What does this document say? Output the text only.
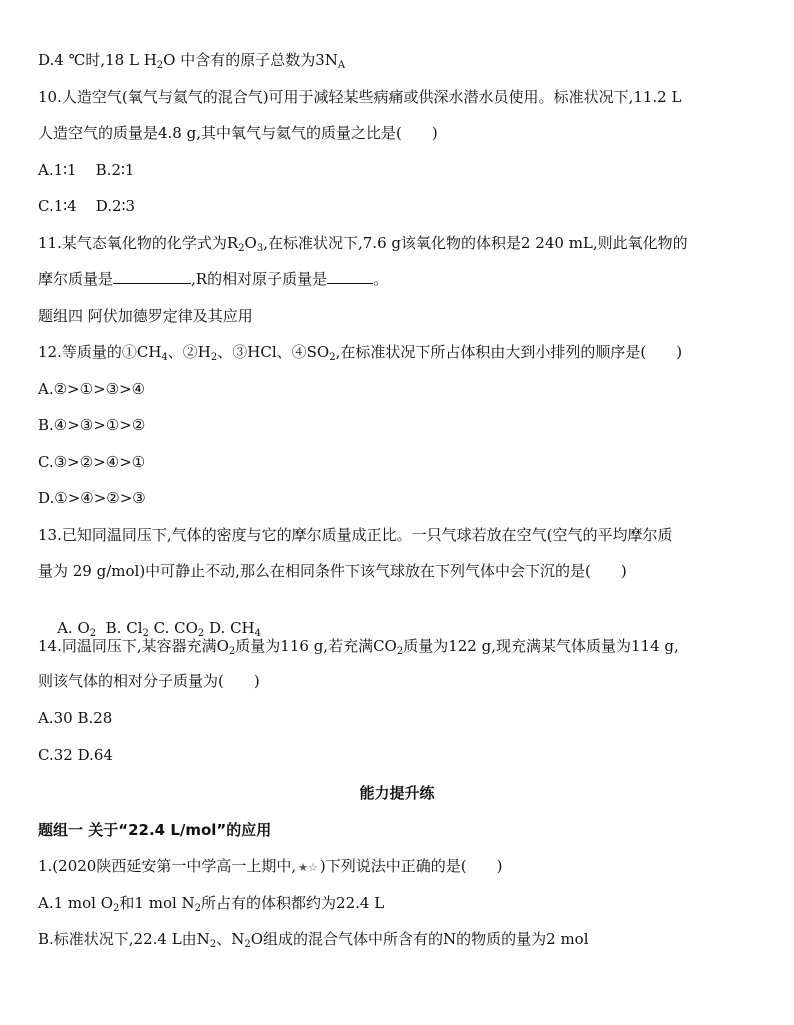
D.4 ℃时,18 L $H_2O$ 中含有的原子总数为$3N_A$
10.人造空气(氧气与氦气的混合气)可用于减轻某些病痛或供深水潜水员使用。标准状况下,11.2 L
人造空气的质量是4.8 g,其中氧气与氦气的质量之比是( )
A.1∶1    B.2∶1
C.1∶4    D.2∶3
11.某气态氧化物的化学式为$R_2O_3$,在标准状况下,7.6 g该氧化物的体积是2 240 mL,则此氧化物的
摩尔质量是	,R的相对原子质量是	。
题组四 阿伏加德罗定律及其应用
12.等质量的$①CH_4$、$②H_2$、③HCl、$④SO_2$,在标准状况下所占体积由大到小排列的顺序是( )
A.②>①>③>④
B.④>③>①>②
C.③>②>④>①
D.①>④>②>③
13.已知同温同压下,气体的密度与它的摩尔质量成正比。一只气球若放在空气(空气的平均摩尔质
量为 29 g/mol)中可静止不动,那么在相同条件下该气球放在下列气体中会下沉的是( )

A. $O_2$  B. $Cl_2$ C. $CO_2$ D. $CH_4$

14.同温同压下,某容器充满$O_2$质量为116 g,若充满$CO_2$质量为122 g,现充满某气体质量为114 g,
则该气体的相对分子质量为( )
A.30 B.28
C.32 D.64
能力提升练
题组一 关于“22.4 L/mol”的应用
1.(2020陕西延安第一中学高一上期中, ★☆ )下列说法中正确的是( )
A.1 mol $O_2$和1 mol $N_2$所占有的体积都约为22.4 L
B.标准状况下,22.4 L由$N_2$、$N_2O$组成的混合气体中所含有的N的物质的量为2 mol
